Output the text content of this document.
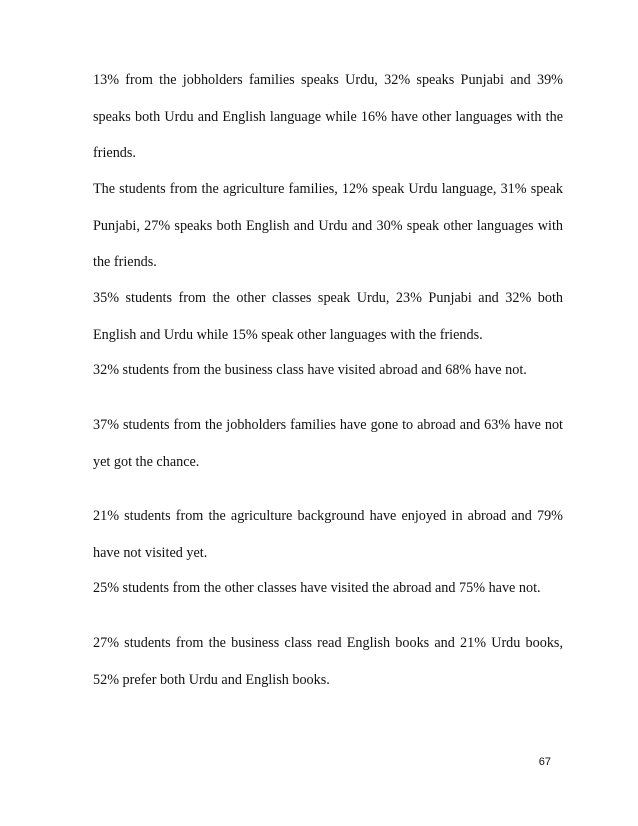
13% from the jobholders families speaks Urdu, 32% speaks Punjabi and 39% speaks both Urdu and English language while 16% have other languages with the friends.

The students from the agriculture families, 12% speak Urdu language, 31% speak Punjabi, 27% speaks both English and Urdu and 30% speak other languages with the friends.

35% students from the other classes speak Urdu, 23% Punjabi and 32% both English and Urdu while 15% speak other languages with the friends.

32% students from the business class have visited abroad and 68% have not.

37% students from the jobholders families have gone to abroad and 63% have not yet got the chance.

21% students from the agriculture background have enjoyed in abroad and 79% have not visited yet.

25% students from the other classes have visited the abroad and 75% have not.

27% students from the business class read English books and 21% Urdu books, 52% prefer both Urdu and English books.

67
